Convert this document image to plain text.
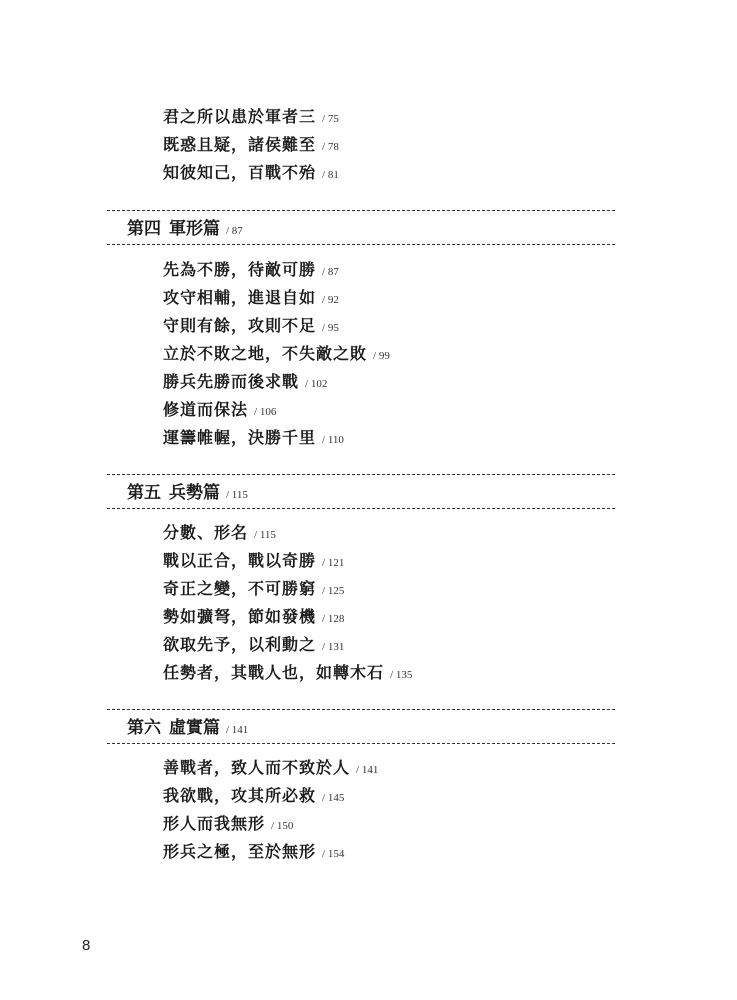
君之所以患於軍者三 / 75
既惑且疑，諸侯難至 / 78
知彼知己，百戰不殆 / 81
第四 軍形篇 / 87
先為不勝，待敵可勝 / 87
攻守相輔，進退自如 / 92
守則有餘，攻則不足 / 95
立於不敗之地，不失敵之敗 / 99
勝兵先勝而後求戰 / 102
修道而保法 / 106
運籌帷幄，決勝千里 / 110
第五 兵勢篇 / 115
分數、形名 / 115
戰以正合，戰以奇勝 / 121
奇正之變，不可勝窮 / 125
勢如彍弩，節如發機 / 128
欲取先予，以利動之 / 131
任勢者，其戰人也，如轉木石 / 135
第六 虛實篇 / 141
善戰者，致人而不致於人 / 141
我欲戰，攻其所必救 / 145
形人而我無形 / 150
形兵之極，至於無形 / 154
8
